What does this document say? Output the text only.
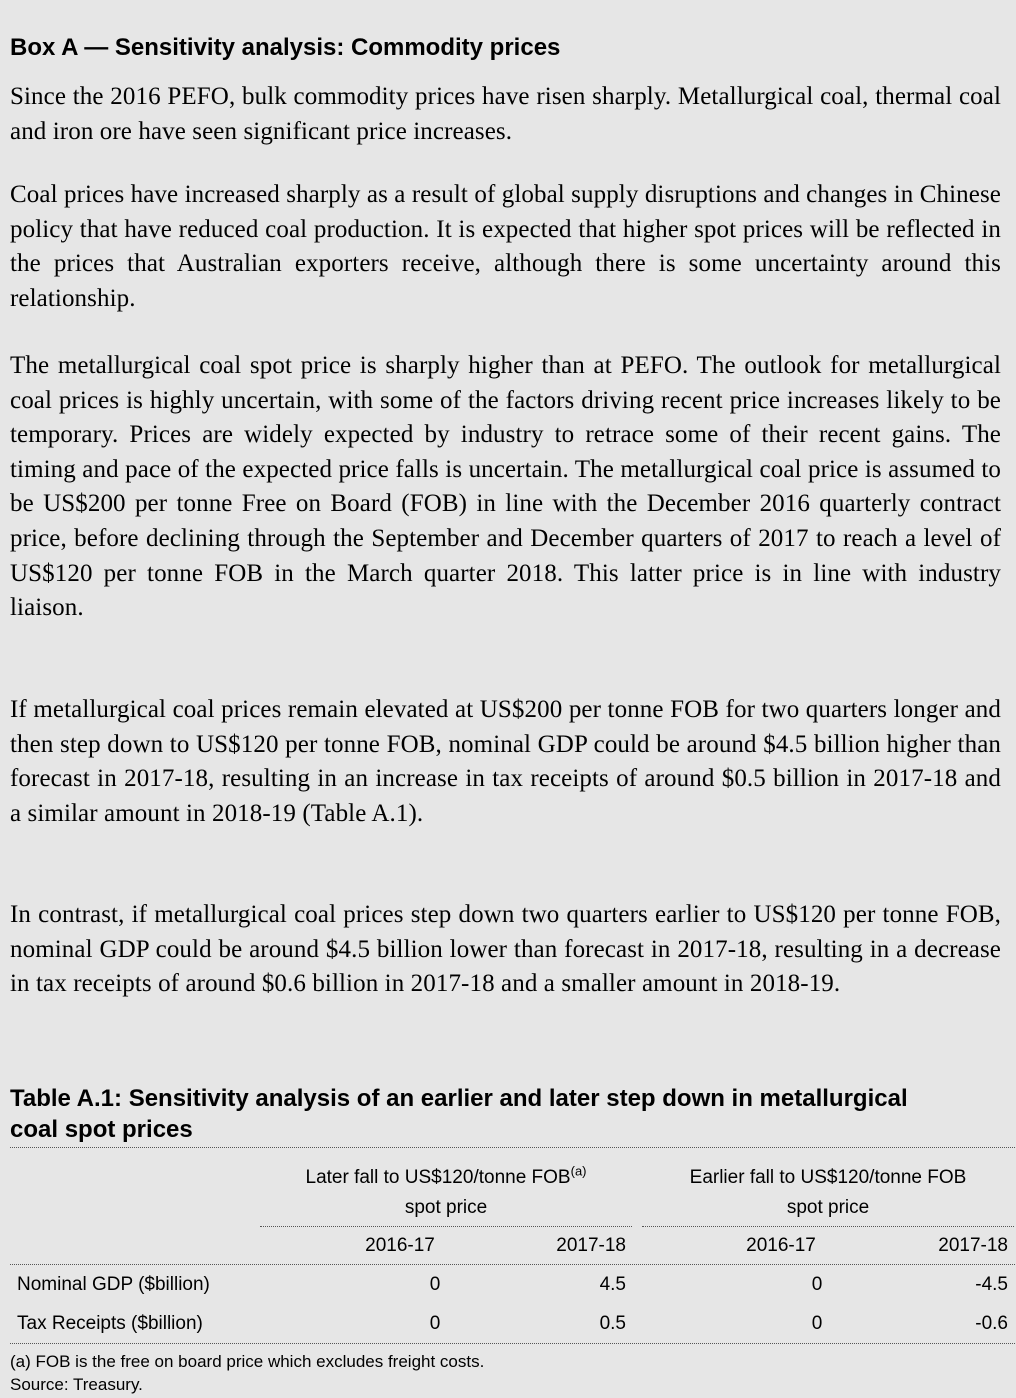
Box A — Sensitivity analysis: Commodity prices

Since the 2016 PEFO, bulk commodity prices have risen sharply. Metallurgical coal, thermal coal and iron ore have seen significant price increases.

Coal prices have increased sharply as a result of global supply disruptions and changes in Chinese policy that have reduced coal production. It is expected that higher spot prices will be reflected in the prices that Australian exporters receive, although there is some uncertainty around this relationship.

The metallurgical coal spot price is sharply higher than at PEFO. The outlook for metallurgical coal prices is highly uncertain, with some of the factors driving recent price increases likely to be temporary. Prices are widely expected by industry to retrace some of their recent gains. The timing and pace of the expected price falls is uncertain. The metallurgical coal price is assumed to be US$200 per tonne Free on Board (FOB) in line with the December 2016 quarterly contract price, before declining through the September and December quarters of 2017 to reach a level of US$120 per tonne FOB in the March quarter 2018. This latter price is in line with industry liaison.

If metallurgical coal prices remain elevated at US$200 per tonne FOB for two quarters longer and then step down to US$120 per tonne FOB, nominal GDP could be around $4.5 billion higher than forecast in 2017-18, resulting in an increase in tax receipts of around $0.5 billion in 2017-18 and a similar amount in 2018-19 (Table A.1).

In contrast, if metallurgical coal prices step down two quarters earlier to US$120 per tonne FOB, nominal GDP could be around $4.5 billion lower than forecast in 2017-18, resulting in a decrease in tax receipts of around $0.6 billion in 2017-18 and a smaller amount in 2018-19.

Table A.1: Sensitivity analysis of an earlier and later step down in metallurgical coal spot prices
Later fall to US$120/tonne FOB$^{(a)}$
spot price
Earlier fall to US$120/tonne FOB
spot price
2016-17	2017-18	2016-17	2017-18
Nominal GDP ($billion)	0	4.5	0	-4.5
Tax Receipts ($billion)	0	0.5	0	-0.6
(a) FOB is the free on board price which excludes freight costs.
Source: Treasury.
